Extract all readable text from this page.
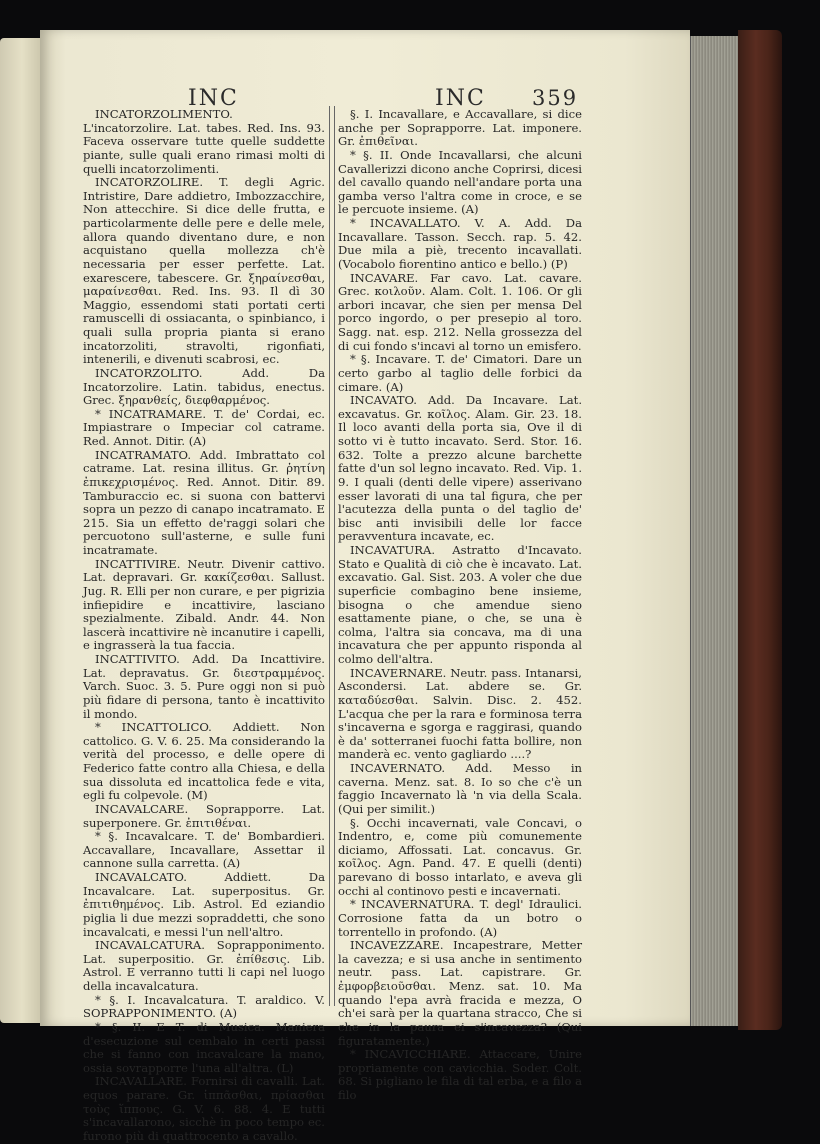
INC	INC 359

INCATORZOLIMENTO. L'incatorzolire. Lat. tabes. Red. Ins. 93. Faceva osservare tutte quelle suddette piante, sulle quali erano rimasi molti di quelli incatorzolimenti.

INCATORZOLIRE. T. degli Agric. Intristire, Dare addietro, Imbozzacchire, Non attecchire. Si dice delle frutta, e particolarmente delle pere e delle mele, allora quando diventano dure, e non acquistano quella mollezza ch'è necessaria per esser perfette. Lat. exarescere, tabescere. Gr. ξηραίνεσθαι, μαραίνεσθαι. Red. Ins. 93. Il dì 30 Maggio, essendomi stati portati certi ramuscelli di ossiacanta, o spinbianco, i quali sulla propria pianta si erano incatorzoliti, stravolti, rigonfiati, intenerili, e divenuti scabrosi, ec.

INCATORZOLITO. Add. Da Incatorzolire. Latin. tabidus, enectus. Grec. ξηρανθείς, διεφθαρμένος.

* INCATRAMARE. T. de' Cordai, ec. Impiastrare o Impeciar col catrame. Red. Annot. Ditir. (A)

INCATRAMATO. Add. Imbrattato col catrame. Lat. resina illitus. Gr. ῥητίνη ἐπικεχρισμένος. Red. Annot. Ditir. 89. Tamburaccio ec. si suona con battervi sopra un pezzo di canapo incatramato. E 215. Sia un effetto de'raggi solari che percuotono sull'asterne, e sulle funi incatramate.

INCATTIVIRE. Neutr. Divenir cattivo. Lat. depravari. Gr. κακίζεσθαι. Sallust. Jug. R. Elli per non curare, e per pigrizia infiepidire e incattivire, lasciano spezialmente. Zibald. Andr. 44. Non lascerà incattivire nè incanutire i capelli, e ingrasserà la tua faccia.

INCATTIVITO. Add. Da Incattivire. Lat. depravatus. Gr. διεστραμμένος. Varch. Suoc. 3. 5. Pure oggi non si può più fidare di persona, tanto è incattivito il mondo.

* INCATTOLICO. Addiett. Non cattolico. G. V. 6. 25. Ma considerando la verità del processo, e delle opere di Federico fatte contro alla Chiesa, e della sua dissoluta ed incattolica fede e vita, egli fu colpevole. (M)

INCAVALCARE. Soprapporre. Lat. superponere. Gr. ἐπιτιθέναι.

* §. Incavalcare. T. de' Bombardieri. Accavallare, Incavallare, Assettar il cannone sulla carretta. (A)

INCAVALCATO. Addiett. Da Incavalcare. Lat. superpositus. Gr. ἐπιτιθημένος. Lib. Astrol. Ed eziandio piglia li due mezzi sopraddetti, che sono incavalcati, e messi l'un nell'altro.

INCAVALCATURA. Soprapponimento. Lat. superpositio. Gr. ἐπίθεσις. Lib. Astrol. E verranno tutti li capi nel luogo della incavalcatura.

* §. I. Incavalcatura. T. araldico. V. SOPRAPPONIMENTO. (A)

* §. II. E T. di Musica. Maniera d'esecuzione sul cembalo in certi passi che si fanno con incavalcare la mano, ossia sovrapporre l'una all'altra. (L)

INCAVALLARE. Fornirsi di cavalli. Lat. equos parare. Gr. ἱππᾶσθαι, πρίασθαι τοὺς ἵππους. G. V. 6. 88. 4. E tutti s'incavallarono, sicchè in poco tempo ec. furono più di quattrocento a cavallo.

§. I. Incavallare, e Accavallare, si dice anche per Soprapporre. Lat. imponere. Gr. ἐπιθεῖναι.

* §. II. Onde Incavallarsi, che alcuni Cavallerizzi dicono anche Coprirsi, dicesi del cavallo quando nell'andare porta una gamba verso l'altra come in croce, e se le percuote insieme. (A)

* INCAVALLATO. V. A. Add. Da Incavallare. Tasson. Secch. rap. 5. 42. Due mila a piè, trecento incavallati. (Vocabolo fiorentino antico e bello.) (P)

INCAVARE. Far cavo. Lat. cavare. Grec. κοιλοῦν. Alam. Colt. 1. 106. Or gli arbori incavar, che sien per mensa Del porco ingordo, o per presepio al toro. Sagg. nat. esp. 212. Nella grossezza del di cui fondo s'incavi al torno un emisfero.

* §. Incavare. T. de' Cimatori. Dare un certo garbo al taglio delle forbici da cimare. (A)

INCAVATO. Add. Da Incavare. Lat. excavatus. Gr. κοῖλος. Alam. Gir. 23. 18. Il loco avanti della porta sia, Ove il di sotto vi è tutto incavato. Serd. Stor. 16. 632. Tolte a prezzo alcune barchette fatte d'un sol legno incavato. Red. Vip. 1. 9. I quali (denti delle vipere) asserivano esser lavorati di una tal figura, che per l'acutezza della punta o del taglio de' bisc anti invisibili delle lor facce peravventura incavate, ec.

INCAVATURA. Astratto d'Incavato. Stato e Qualità di ciò che è incavato. Lat. excavatio. Gal. Sist. 203. A voler che due superficie combagino bene insieme, bisogna o che amendue sieno esattamente piane, o che, se una è colma, l'altra sia concava, ma di una incavatura che per appunto risponda al colmo dell'altra.

INCAVERNARE. Neutr. pass. Intanarsi, Ascondersi. Lat. abdere se. Gr. καταδύεσθαι. Salvin. Disc. 2. 452. L'acqua che per la rara e forminosa terra s'incaverna e sgorga e raggirasi, quando è da' sotterranei fuochi fatta bollire, non manderà ec. vento gagliardo ....?

INCAVERNATO. Add. Messo in caverna. Menz. sat. 8. Io so che c'è un faggio Incavernato là 'n via della Scala. (Qui per similit.)

§. Occhi incavernati, vale Concavi, o Indentro, e, come più comunemente diciamo, Affossati. Lat. concavus. Gr. κοῖλος. Agn. Pand. 47. E quelli (denti) parevano di bosso intarlato, e aveva gli occhi al continovo pesti e incavernati.

* INCAVERNATURA. T. degl' Idraulici. Corrosione fatta da un botro o torrentello in profondo. (A)

INCAVEZZARE. Incapestrare, Metter la cavezza; e si usa anche in sentimento neutr. pass. Lat. capistrare. Gr. ἐμφορβειοῦσθαι. Menz. sat. 10. Ma quando l'epa avrà fracida e mezza, O ch'ei sarà per la quartana stracco, Che si che in la paura ei s'incavezza? (Qui figuratamente.)

* INCAVICCHIARE. Attaccare, Unire propriamente con cavicchia. Soder. Colt. 68. Si pigliano le fila di tal erba, e a filo a filo
